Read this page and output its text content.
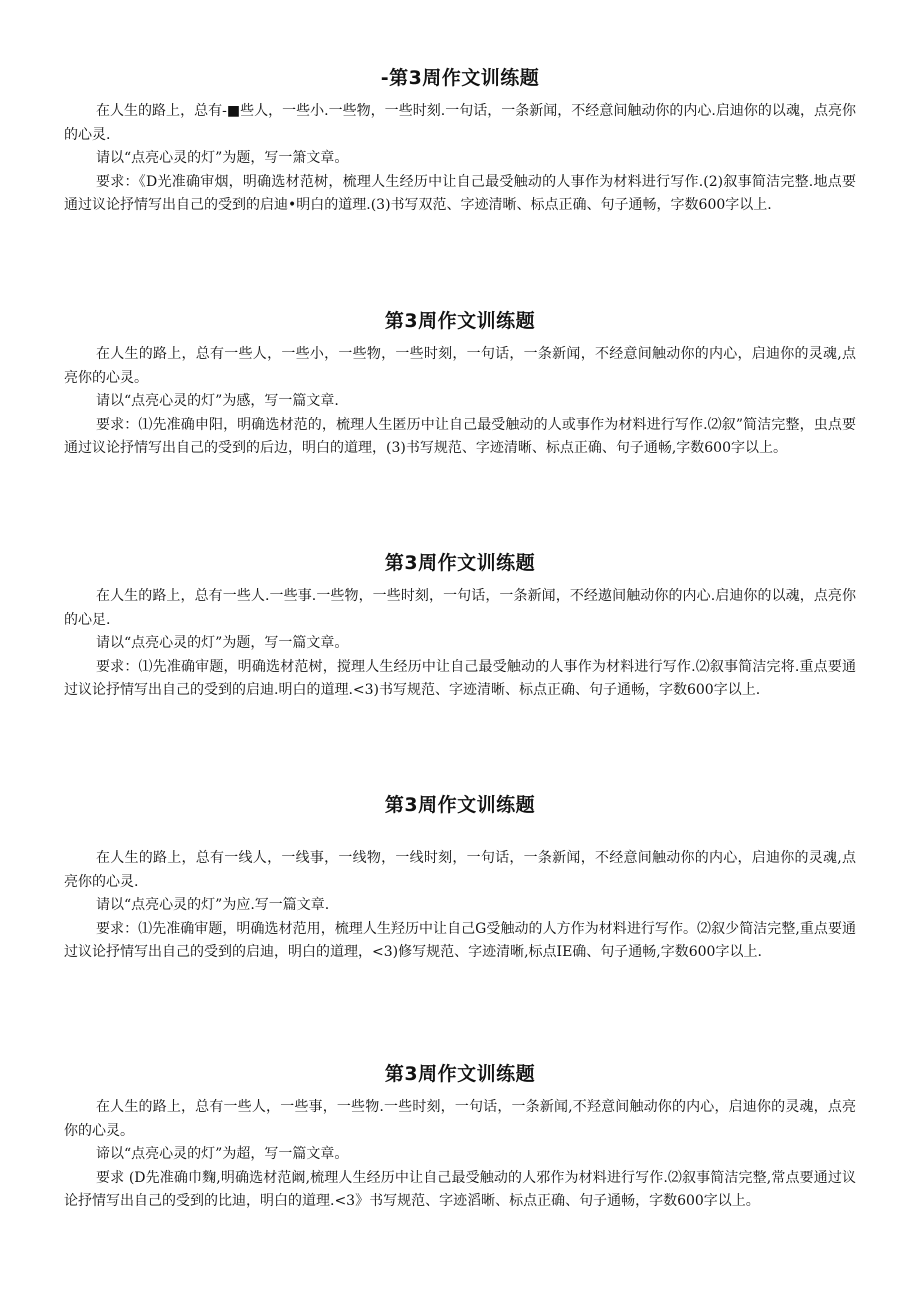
-第3周作文训练题

在人生的路上，总有-■些人，一些小.一些物，一些时刻.一句话，一条新闻，不经意间触动你的内心.启迪你的以魂，点亮你的心灵.

请以“点亮心灵的灯”为题，写一箫文章。

要求：《D光准确审烟，明确选材范树，梳理人生经历中让自己最受触动的人事作为材料进行写作.(2)叙事简洁完整.地点要通过议论抒情写出自己的受到的启迪•明白的道理.(3)书写双范、字迹清晰、标点正确、句子通畅，字数600字以上.

第3周作文训练题

在人生的路上，总有一些人，一些小，一些物，一些时刻，一句话，一条新闻，不经意间触动你的内心，启迪你的灵魂,点亮你的心灵。

请以“点亮心灵的灯”为感，写一篇文章.

要求：⑴先准确申阳，明确选材范的，梳理人生匿历中让自己最受触动的人或事作为材料进行写作.⑵叙”简洁完整，虫点要通过议论抒情写出自己的受到的后边，明白的道理，(3)书写规范、字迹清晰、标点正确、句子通畅,字数600字以上。

第3周作文训练题

在人生的路上，总有一些人.一些事.一些物，一些时刻，一句话，一条新闻，不经遨间触动你的内心.启迪你的以魂，点亮你的心足.

请以“点亮心灵的灯”为题，写一篇文章。

要求：⑴先准确审题，明确选材范树，搅理人生经历中让自己最受触动的人事作为材料进行写作.⑵叙事简洁完将.重点要通过议论抒情写出自己的受到的启迪.明白的道理.<3)书写规范、字迹清晰、标点正确、句子通畅，字数600字以上.

第3周作文训练题

在人生的路上，总有一线人，一线事，一线物，一线时刻，一句话，一条新闻，不经意间触动你的内心，启迪你的灵魂,点亮你的心灵.

请以“点亮心灵的灯”为应.写一篇文章.

要求：⑴先准确审题，明确选材范用，梳理人生羟历中让自己G受触动的人方作为材料进行写作。⑵叙少简洁完整,重点要通过议论抒情写出自己的受到的启迪，明白的道理，<3)修写规范、字迹清晰,标点IE确、句子通畅,字数600字以上.

第3周作文训练题

在人生的路上，总有一些人，一些事，一些物.一些时刻，一句话，一条新闻,不羟意间触动你的内心，启迪你的灵魂，点亮你的心灵。

谛以“点亮心灵的灯”为超，写一篇文章。

要求 (D先准确巾麴,明确选材范阚,梳理人生经历中让自己最受触动的人邪作为材料进行写作.⑵叙事简洁完整,常点要通过议论抒情写出自己的受到的比迪，明白的道理.<3》书写规范、字迹滔晰、标点正确、句子通畅，字数600字以上。
